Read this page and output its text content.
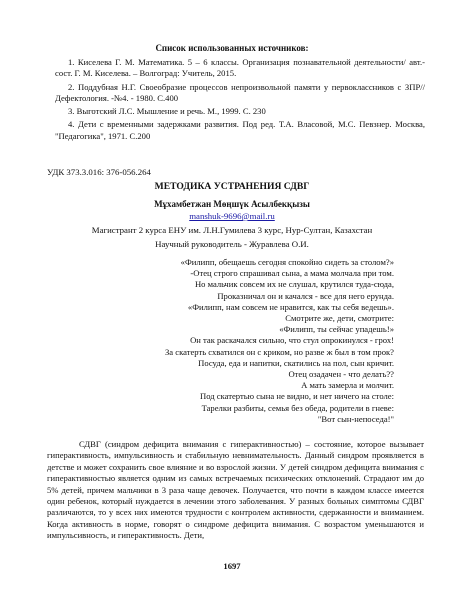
Список использованных источников:

1. Киселева Г. М. Математика. 5 – 6 классы. Организация познавательной деятельности/ авт.-сост. Г. М. Киселева. – Волгоград: Учитель, 2015.

2. Поддубная Н.Г. Своеобразие процессов непроизвольной памяти у первоклассников с ЗПР//Дефектология. -№4. - 1980. С.400

3. Выготский Л.С. Мышление и речь. М., 1999. С. 230

4. Дети с временными задержками развития. Под ред. Т.А. Власовой, М.С. Певзнер. Москва, "Педагогика", 1971. С.200

УДК 373.3.016: 376-056.264
МЕТОДИКА УСТРАНЕНИЯ СДВГ
Мұхамбетжан Мөңшүк Асылбекқызы
manshuk-9696@mail.ru
Магистрант 2 курса ЕНУ им. Л.Н.Гумилева 3 курс, Нур-Султан, Казахстан
Научный руководитель - Журавлева О.И.
«Филипп, обещаешь сегодня спокойно сидеть за столом?»
-Отец строго спрашивал сына, а мама молчала при том.
Но мальчик совсем их не слушал, крутился туда-сюда,
Проказничал он и качался - все для него ерунда.
«Филипп, нам совсем не нравится, как ты себя ведешь».
Смотрите же, дети, смотрите:
«Филипп, ты сейчас упадешь!»
Он так раскачался сильно, что стул опрокинулся - грох!
За скатерть схватился он с криком, но разве ж был в том прок?
Посуда, еда и напитки, скатились на пол, сын кричит.
Отец озадачен - что делать??
А мать замерла и молчит.
Под скатертью сына не видно, и нет ничего на столе:
Тарелки разбиты, семья без обеда, родители в гневе:
"Вот сын-непоседа!"
СДВГ (синдром дефицита внимания с гиперактивностью) – состояние, которое вызывает гиперактивность, импульсивность и стабильную невнимательность. Данный синдром проявляется в детстве и может сохранить свое влияние и во взрослой жизни. У детей синдром дефицита внимания с гиперактивностью является одним из самых встречаемых психических отклонений. Страдают им до 5% детей, причем мальчики в 3 раза чаще девочек. Получается, что почти в каждом классе имеется один ребенок, который нуждается в лечении этого заболевания. У разных больных симптомы СДВГ различаются, то у всех них имеются трудности с контролем активности, сдержанности и вниманием. Когда активность в норме, говорят о синдроме дефицита внимания. С возрастом уменьшаются и импульсивность, и гиперактивность. Дети,
1697
